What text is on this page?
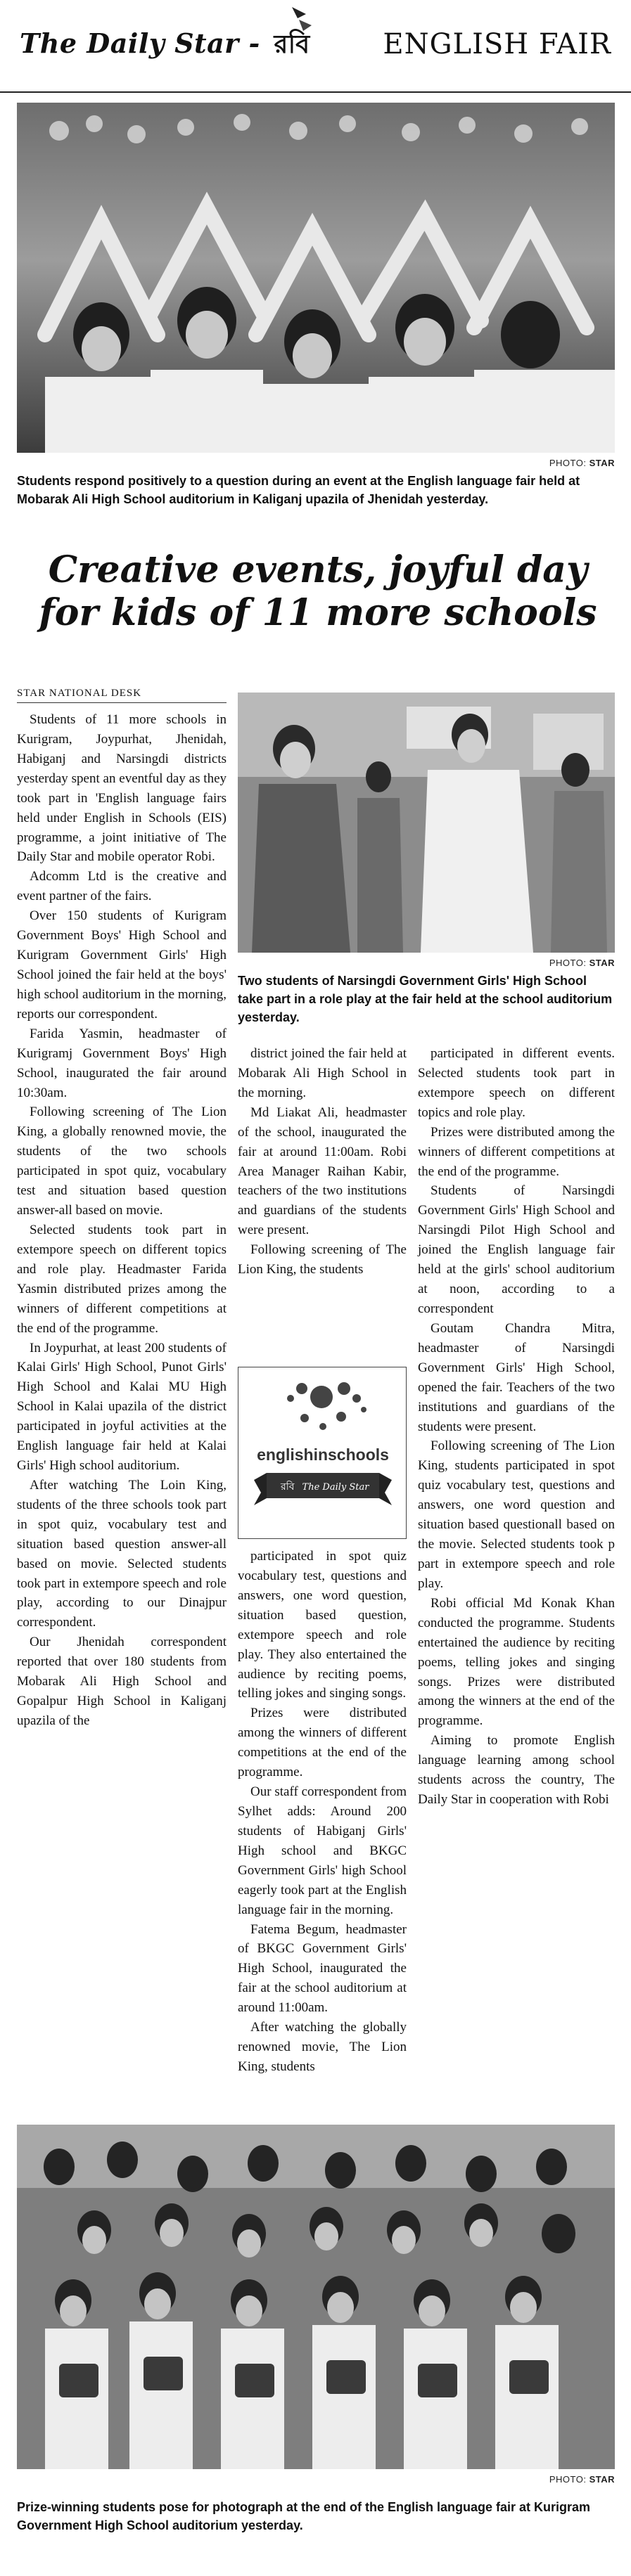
The Daily Star - রবি	ENGLISH FAIR
PHOTO: STAR
Students respond positively to a question during an event at the English language fair held at Mobarak Ali High School auditorium in Kaliganj upazila of Jhenidah yesterday.
Creative events, joyful day for kids of 11 more schools
STAR NATIONAL DESK
PHOTO: STAR
Two students of Narsingdi Government Girls' High School take part in a role play at the fair held at the school auditorium yesterday.

Students of 11 more schools in Kurigram, Joypurhat, Jhenidah, Habiganj and Narsingdi districts yesterday spent an eventful day as they took part in 'English language fairs held under English in Schools (EIS) programme, a joint initiative of The Daily Star and mobile operator Robi.

Adcomm Ltd is the creative and event partner of the fairs.

Over 150 students of Kurigram Government Boys' High School and Kurigram Government Girls' High School joined the fair held at the boys' high school auditorium in the morning, reports our correspondent.

Farida Yasmin, headmaster of Kurigramj Government Boys' High School, inaugurated the fair around 10:30am.

Following screening of The Lion King, a globally renowned movie, the students of the two schools participated in spot quiz, vocabulary test and situation based question answer-all based on movie.

Selected students took part in extempore speech on different topics and role play. Headmaster Farida Yasmin distributed prizes among the winners of different competitions at the end of the programme.

In Joypurhat, at least 200 students of Kalai Girls' High School, Punot Girls' High School and Kalai MU High School in Kalai upazila of the district participated in joyful activities at the English language fair held at Kalai Girls' High school auditorium.

After watching The Loin King, students of the three schools took part in spot quiz, vocabulary test and situation based question answer-all based on movie. Selected students took part in extempore speech and role play, according to our Dinajpur correspondent.

Our Jhenidah correspondent reported that over 180 students from Mobarak Ali High School and Gopalpur High School in Kaliganj upazila of the

district joined the fair held at Mobarak Ali High School in the morning.

Md Liakat Ali, headmaster of the school, inaugurated the fair at around 11:00am. Robi Area Manager Raihan Kabir, teachers of the two institutions and guardians of the students were present.

Following screening of The Lion King, the students

englishinschools
রবি The Daily Star

participated in spot quiz vocabulary test, questions and answers, one word question, situation based question, extempore speech and role play. They also entertained the audience by reciting poems, telling jokes and singing songs.

Prizes were distributed among the winners of different competitions at the end of the programme.

Our staff correspondent from Sylhet adds: Around 200 students of Habiganj Girls' High school and BKGC Government Girls' high School eagerly took part at the English language fair in the morning.

Fatema Begum, headmaster of BKGC Government Girls' High School, inaugurated the fair at the school auditorium at around 11:00am.

After watching the globally renowned movie, The Lion King, students

participated in different events. Selected students took part in extempore speech on different topics and role play.

Prizes were distributed among the winners of different competitions at the end of the programme.

Students of Narsingdi Government Girls' High School and Narsingdi Pilot High School and joined the English language fair held at the girls' school auditorium at noon, according to a correspondent

Goutam Chandra Mitra, headmaster of Narsingdi Government Girls' High School, opened the fair. Teachers of the two institutions and guardians of the students were present.

Following screening of The Lion King, students participated in spot quiz vocabulary test, questions and answers, one word question and situation based questionall based on the movie. Selected students took p part in extempore speech and role play.

Robi official Md Konak Khan conducted the programme. Students entertained the audience by reciting poems, telling jokes and singing songs. Prizes were distributed among the winners at the end of the programme.

Aiming to promote English language learning among school students across the country, The Daily Star in cooperation with Robi

PHOTO: STAR
Prize-winning students pose for photograph at the end of the English language fair at Kurigram Government High School auditorium yesterday.
